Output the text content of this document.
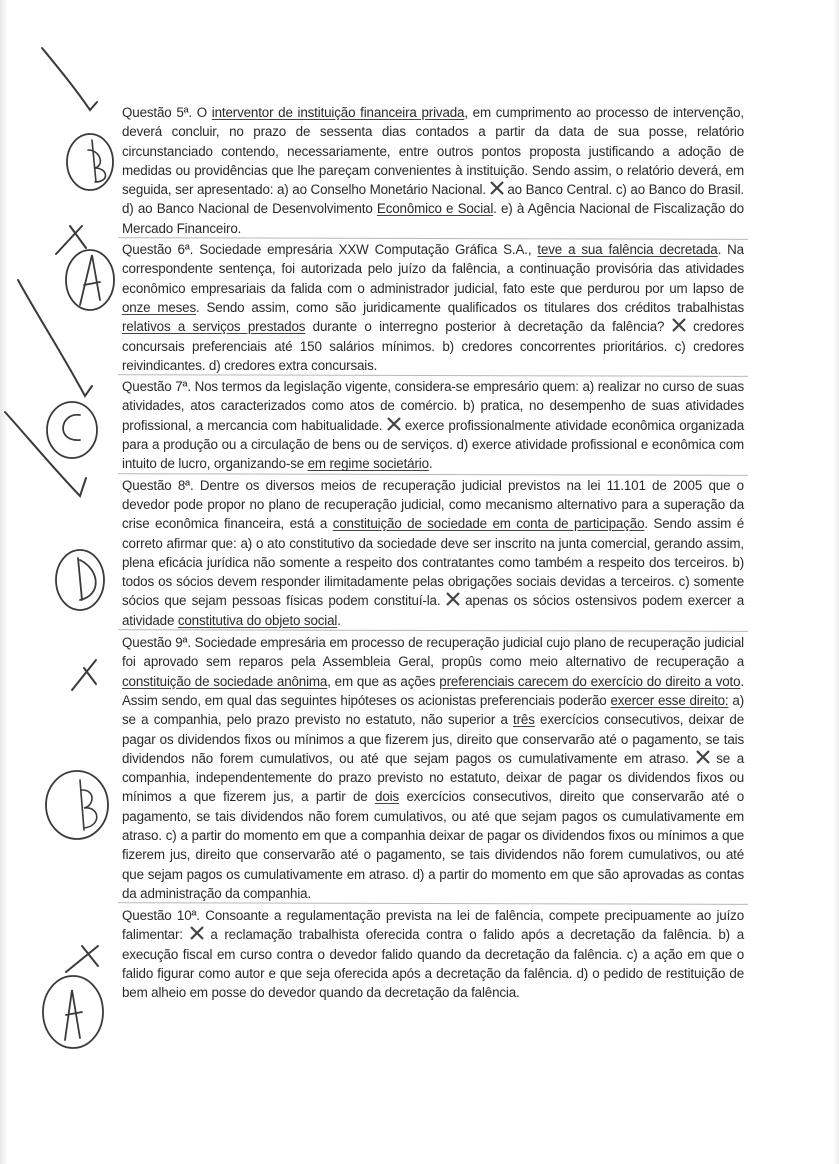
Questão 5ª. O interventor de instituição financeira privada, em cumprimento ao processo de intervenção, deverá concluir, no prazo de sessenta dias contados a partir da data de sua posse, relatório circunstanciado contendo, necessariamente, entre outros pontos proposta justificando a adoção de medidas ou providências que lhe pareçam convenientes à instituição. Sendo assim, o relatório deverá, em seguida, ser apresentado: a) ao Conselho Monetário Nacional.
ao Banco Central. c) ao Banco do Brasil. d) ao Banco Nacional de Desenvolvimento Econômico e Social. e) à Agência Nacional de Fiscalização do Mercado Financeiro.
Questão 6ª. Sociedade empresária XXW Computação Gráfica S.A., teve a sua falência decretada. Na correspondente sentença, foi autorizada pelo juízo da falência, a continuação provisória das atividades econômico empresariais da falida com o administrador judicial, fato este que perdurou por um lapso de onze meses. Sendo assim, como são juridicamente qualificados os titulares dos créditos trabalhistas relativos a serviços prestados durante o interregno posterior à decretação da falência?
credores concursais preferenciais até 150 salários mínimos. b) credores concorrentes prioritários. c) credores reivindicantes. d) credores extra concursais.
Questão 7ª. Nos termos da legislação vigente, considera-se empresário quem: a) realizar no curso de suas atividades, atos caracterizados como atos de comércio. b) pratica, no desempenho de suas atividades profissional, a mercancia com habitualidade.
exerce profissionalmente atividade econômica organizada para a produção ou a circulação de bens ou de serviços. d) exerce atividade profissional e econômica com intuito de lucro, organizando-se em regime societário.
Questão 8ª. Dentre os diversos meios de recuperação judicial previstos na lei 11.101 de 2005 que o devedor pode propor no plano de recuperação judicial, como mecanismo alternativo para a superação da crise econômica financeira, está a constituição de sociedade em conta de participação. Sendo assim é correto afirmar que: a) o ato constitutivo da sociedade deve ser inscrito na junta comercial, gerando assim, plena eficácia jurídica não somente a respeito dos contratantes como também a respeito dos terceiros. b) todos os sócios devem responder ilimitadamente pelas obrigações sociais devidas a terceiros. c) somente sócios que sejam pessoas físicas podem constituí-la.
apenas os sócios ostensivos podem exercer a atividade constitutiva do objeto social.
Questão 9ª. Sociedade empresária em processo de recuperação judicial cujo plano de recuperação judicial foi aprovado sem reparos pela Assembleia Geral, propûs como meio alternativo de recuperação a constituição de sociedade anônima, em que as ações preferenciais carecem do exercício do direito a voto. Assim sendo, em qual das seguintes hipóteses os acionistas preferenciais poderão exercer esse direito: a) se a companhia, pelo prazo previsto no estatuto, não superior a três exercícios consecutivos, deixar de pagar os dividendos fixos ou mínimos a que fizerem jus, direito que conservarão até o pagamento, se tais dividendos não forem cumulativos, ou até que sejam pagos os cumulativamente em atraso.
se a companhia, independentemente do prazo previsto no estatuto, deixar de pagar os dividendos fixos ou mínimos a que fizerem jus, a partir de dois exercícios consecutivos, direito que conservarão até o pagamento, se tais dividendos não forem cumulativos, ou até que sejam pagos os cumulativamente em atraso. c) a partir do momento em que a companhia deixar de pagar os dividendos fixos ou mínimos a que fizerem jus, direito que conservarão até o pagamento, se tais dividendos não forem cumulativos, ou até que sejam pagos os cumulativamente em atraso. d) a partir do momento em que são aprovadas as contas da administração da companhia.
Questão 10ª. Consoante a regulamentação prevista na lei de falência, compete precipuamente ao juízo falimentar:
a reclamação trabalhista oferecida contra o falido após a decretação da falência. b) a execução fiscal em curso contra o devedor falido quando da decretação da falência. c) a ação em que o falido figurar como autor e que seja oferecida após a decretação da falência. d) o pedido de restituição de bem alheio em posse do devedor quando da decretação da falência.
